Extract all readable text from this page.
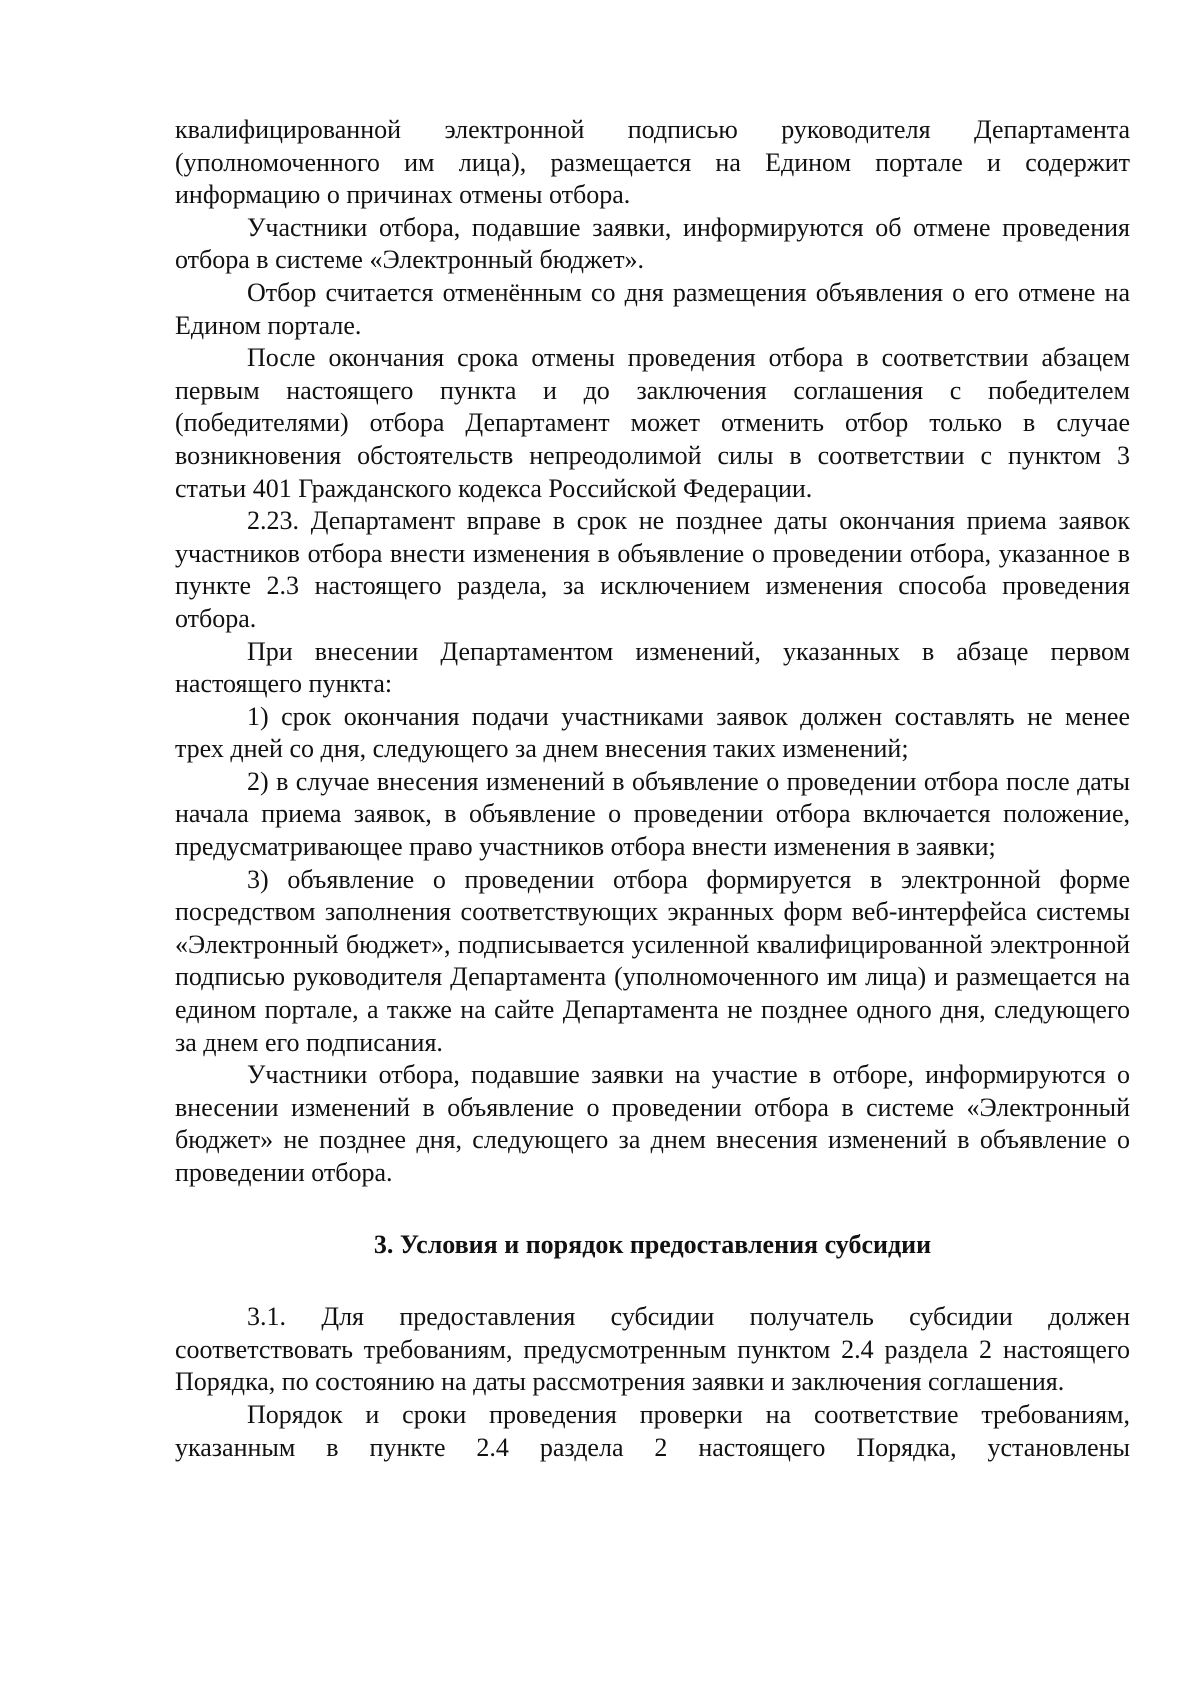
квалифицированной электронной подписью руководителя Департамента (уполномоченного им лица), размещается на Едином портале и содержит информацию о причинах отмены отбора.

Участники отбора, подавшие заявки, информируются об отмене проведения отбора в системе «Электронный бюджет».

Отбор считается отменённым со дня размещения объявления о его отмене на Едином портале.

После окончания срока отмены проведения отбора в соответствии абзацем первым настоящего пункта и до заключения соглашения с победителем (победителями) отбора Департамент может отменить отбор только в случае возникновения обстоятельств непреодолимой силы в соответствии с пунктом 3 статьи 401 Гражданского кодекса Российской Федерации.

2.23. Департамент вправе в срок не позднее даты окончания приема заявок участников отбора внести изменения в объявление о проведении отбора, указанное в пункте 2.3 настоящего раздела, за исключением изменения способа проведения отбора.

При внесении Департаментом изменений, указанных в абзаце первом настоящего пункта:

1) срок окончания подачи участниками заявок должен составлять не менее трех дней со дня, следующего за днем внесения таких изменений;

2) в случае внесения изменений в объявление о проведении отбора после даты начала приема заявок, в объявление о проведении отбора включается положение, предусматривающее право участников отбора внести изменения в заявки;

3) объявление о проведении отбора формируется в электронной форме посредством заполнения соответствующих экранных форм веб-интерфейса системы «Электронный бюджет», подписывается усиленной квалифицированной электронной подписью руководителя Департамента (уполномоченного им лица) и размещается на едином портале, а также на сайте Департамента не позднее одного дня, следующего за днем его подписания.

Участники отбора, подавшие заявки на участие в отборе, информируются о внесении изменений в объявление о проведении отбора в системе «Электронный бюджет» не позднее дня, следующего за днем внесения изменений в объявление о проведении отбора.

3. Условия и порядок предоставления субсидии

3.1. Для предоставления субсидии получатель субсидии должен соответствовать требованиям, предусмотренным пунктом 2.4 раздела 2 настоящего Порядка, по состоянию на даты рассмотрения заявки и заключения соглашения.

Порядок и сроки проведения проверки на соответствие требованиям, указанным в пункте 2.4 раздела 2 настоящего Порядка, установлены
